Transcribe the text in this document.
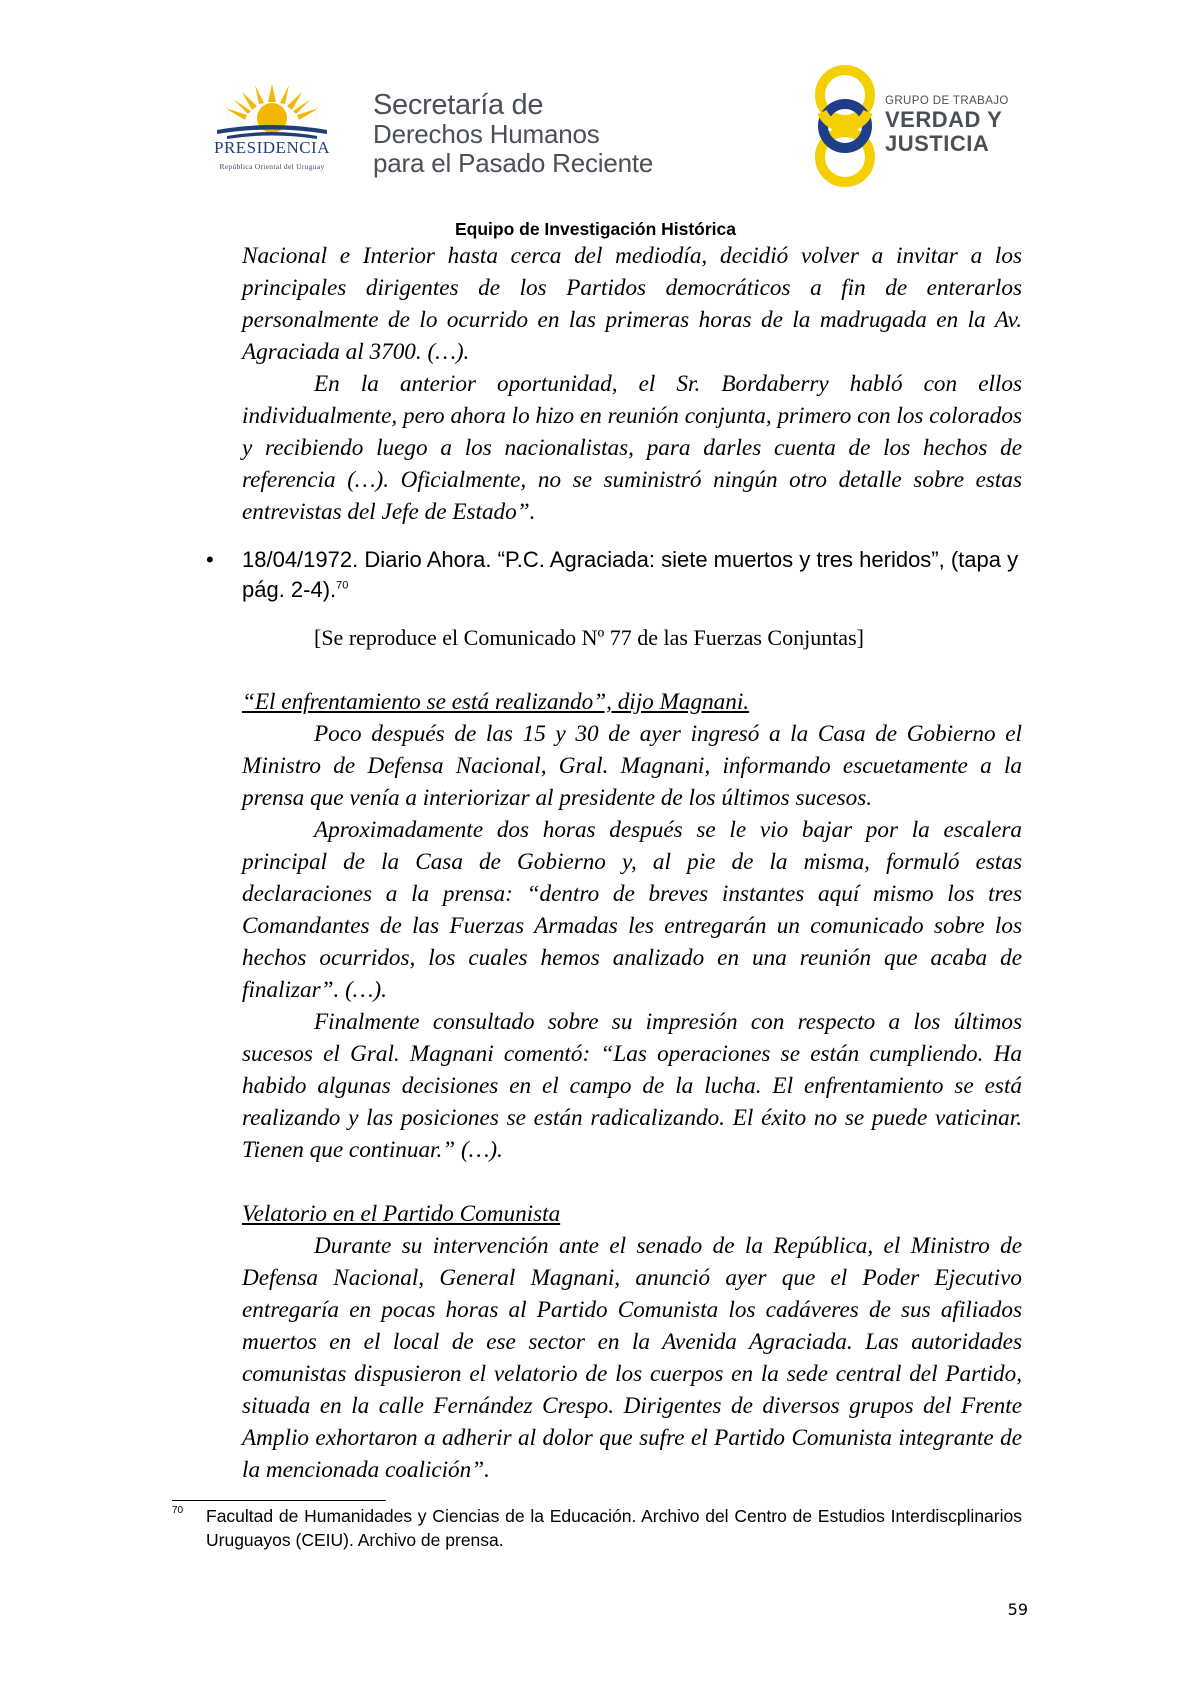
PRESIDENCIA
República Oriental del Uruguay
Secretaría de
Derechos Humanos
para el Pasado Reciente
GRUPO DE TRABAJO
VERDAD Y
JUSTICIA
Equipo de Investigación Histórica

Nacional e Interior hasta cerca del mediodía, decidió volver a invitar a los principales dirigentes de los Partidos democráticos a fin de enterarlos personalmente de lo ocurrido en las primeras horas de la madrugada en la Av. Agraciada al 3700. (…).

En la anterior oportunidad, el Sr. Bordaberry habló con ellos individualmente, pero ahora lo hizo en reunión conjunta, primero con los colorados y recibiendo luego a los nacionalistas, para darles cuenta de los hechos de referencia (…). Oficialmente, no se suministró ningún otro detalle sobre estas entrevistas del Jefe de Estado”.

• 18/04/1972. Diario Ahora. “P.C. Agraciada: siete muertos y tres heridos”, (tapa y pág. 2-4).$^{70}$
[Se reproduce el Comunicado Nº 77 de las Fuerzas Conjuntas]

“El enfrentamiento se está realizando”, dijo Magnani.

Poco después de las 15 y 30 de ayer ingresó a la Casa de Gobierno el Ministro de Defensa Nacional, Gral. Magnani, informando escuetamente a la prensa que venía a interiorizar al presidente de los últimos sucesos.

Aproximadamente dos horas después se le vio bajar por la escalera principal de la Casa de Gobierno y, al pie de la misma, formuló estas declaraciones a la prensa: “dentro de breves instantes aquí mismo los tres Comandantes de las Fuerzas Armadas les entregarán un comunicado sobre los hechos ocurridos, los cuales hemos analizado en una reunión que acaba de finalizar”. (…).

Finalmente consultado sobre su impresión con respecto a los últimos sucesos el Gral. Magnani comentó: “Las operaciones se están cumpliendo. Ha habido algunas decisiones en el campo de la lucha. El enfrentamiento se está realizando y las posiciones se están radicalizando. El éxito no se puede vaticinar. Tienen que continuar.” (…).

Velatorio en el Partido Comunista

Durante su intervención ante el senado de la República, el Ministro de Defensa Nacional, General Magnani, anunció ayer que el Poder Ejecutivo entregaría en pocas horas al Partido Comunista los cadáveres de sus afiliados muertos en el local de ese sector en la Avenida Agraciada. Las autoridades comunistas dispusieron el velatorio de los cuerpos en la sede central del Partido, situada en la calle Fernández Crespo. Dirigentes de diversos grupos del Frente Amplio exhortaron a adherir al dolor que sufre el Partido Comunista integrante de la mencionada coalición”.

70 Facultad de Humanidades y Ciencias de la Educación. Archivo del Centro de Estudios Interdiscplinarios Uruguayos (CEIU). Archivo de prensa.
59
